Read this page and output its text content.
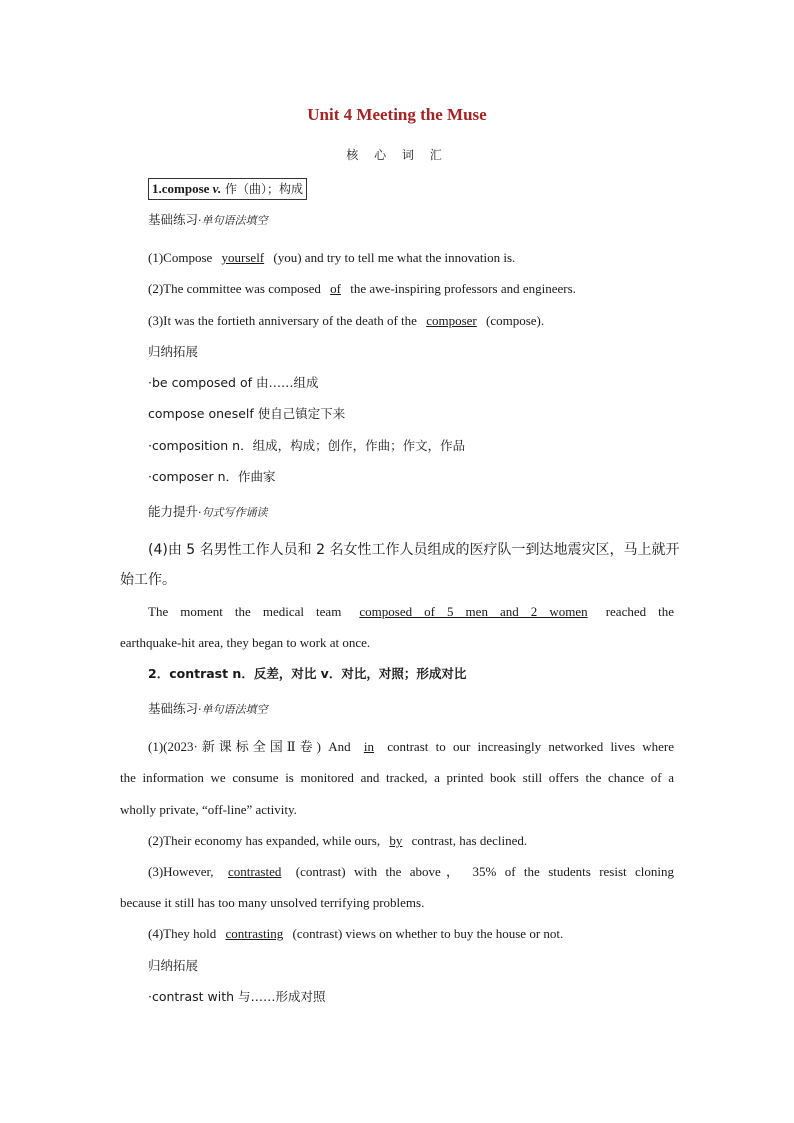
Unit 4 Meeting the Muse
核 心 词 汇
1.compose v. 作（曲）；构成
基础练习·单句语法填空
(1)Compose yourself (you) and try to tell me what the innovation is.
(2)The committee was composed of the awe-inspiring professors and engineers.
(3)It was the fortieth anniversary of the death of the composer (compose).
归纳拓展
·be composed of 由……组成
compose oneself 使自己镇定下来
·composition n．组成，构成；创作，作曲；作文，作品
·composer n．作曲家
能力提升·句式写作诵读
(4)由 5 名男性工作人员和 2 名女性工作人员组成的医疗队一到达地震灾区，马上就开
始工作。
The moment the medical team composed of 5 men and 2 women reached the
earthquake-hit area, they began to work at once.
2．contrast n．反差，对比 v．对比，对照；形成对比
基础练习·单句语法填空
(1)(2023·新课标全国Ⅱ卷) And in contrast to our increasingly networked lives where
the information we consume is monitored and tracked, a printed book still offers the chance of a
wholly private, “off-line” activity.
(2)Their economy has expanded, while ours, by contrast, has declined.
(3)However, contrasted (contrast) with the above， 35% of the students resist cloning
because it still has too many unsolved terrifying problems.
(4)They hold contrasting (contrast) views on whether to buy the house or not.
归纳拓展
·contrast with 与……形成对照
